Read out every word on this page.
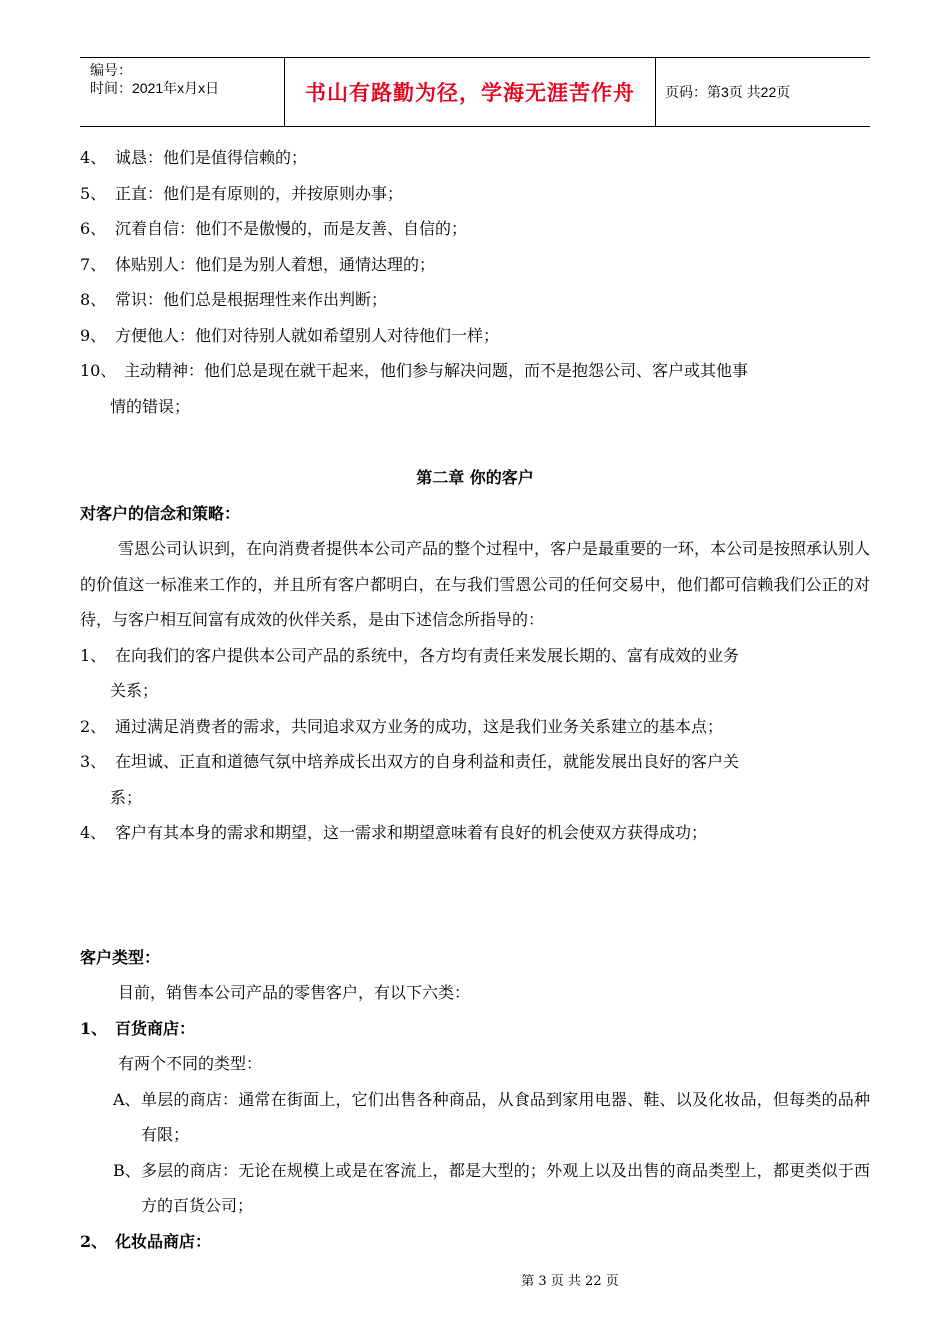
编号：
时间：2021年x月x日	书山有路勤为径，学海无涯苦作舟 页码：第3页 共22页
4、 诚恳：他们是值得信赖的；
5、 正直：他们是有原则的，并按原则办事；
6、 沉着自信：他们不是傲慢的，而是友善、自信的；
7、 体贴别人：他们是为别人着想，通情达理的；
8、 常识：他们总是根据理性来作出判断；
9、 方便他人：他们对待别人就如希望别人对待他们一样；
10、 主动精神：他们总是现在就干起来，他们参与解决问题，而不是抱怨公司、客户或其他事
情的错误；
第二章 你的客户
对客户的信念和策略：
雪恩公司认识到，在向消费者提供本公司产品的整个过程中，客户是最重要的一环，本公司是按照承认别人的价值这一标准来工作的，并且所有客户都明白，在与我们雪恩公司的任何交易中，他们都可信赖我们公正的对待，与客户相互间富有成效的伙伴关系，是由下述信念所指导的：
1、 在向我们的客户提供本公司产品的系统中，各方均有责任来发展长期的、富有成效的业务
关系；
2、 通过满足消费者的需求，共同追求双方业务的成功，这是我们业务关系建立的基本点；
3、 在坦诚、正直和道德气氛中培养成长出双方的自身利益和责任，就能发展出良好的客户关
系；
4、 客户有其本身的需求和期望，这一需求和期望意味着有良好的机会使双方获得成功；
客户类型：
目前，销售本公司产品的零售客户，有以下六类：
1、 百货商店：
有两个不同的类型：
A、 单层的商店：通常在街面上，它们出售各种商品，从食品到家用电器、鞋、以及化妆品，但每类的品种有限；
B、 多层的商店：无论在规模上或是在客流上，都是大型的；外观上以及出售的商品类型上，都更类似于西方的百货公司；
2、 化妆品商店：
第 3 页 共 22 页
